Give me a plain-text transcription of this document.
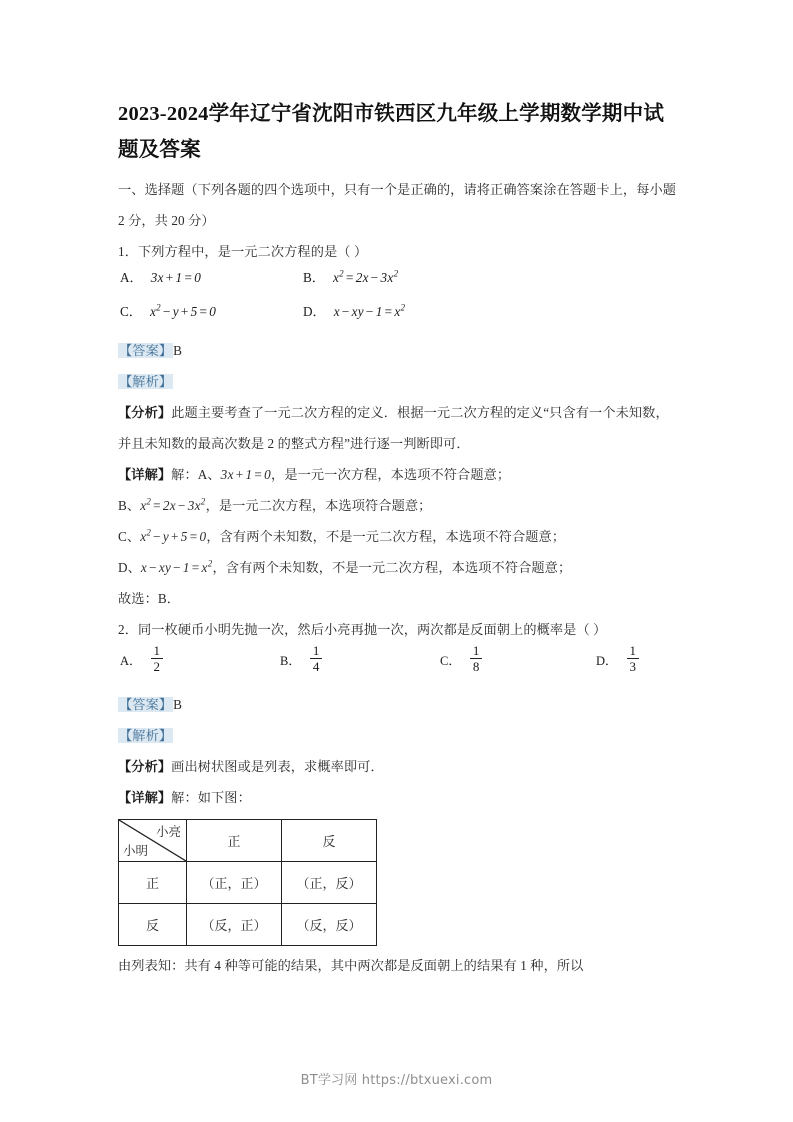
2023-2024学年辽宁省沈阳市铁西区九年级上学期数学期中试题及答案

一、选择题（下列各题的四个选项中，只有一个是正确的，请将正确答案涂在答题卡上，每小题 2 分，共 20 分）

1．下列方程中，是一元二次方程的是（ ）

A． 3x + 1 = 0	B． $x^2 = 2x - 3x^2$
C． $x^2 - y + 5 = 0$	D． x − xy − $1 = x^2$

【答案】B

【解析】

【分析】此题主要考查了一元二次方程的定义．根据一元二次方程的定义“只含有一个未知数，并且未知数的最高次数是 2 的整式方程”进行逐一判断即可．

【详解】解：A、3x + 1 = 0，是一元一次方程，本选项不符合题意；

B、$x^2 = 2x - 3x^2$，是一元二次方程，本选项符合题意；

C、$x^2 - y + 5 = 0$，含有两个未知数，不是一元二次方程，本选项不符合题意；

D、x − xy − $1 = x^2$，含有两个未知数，不是一元二次方程，本选项不符合题意；

故选：B．

2．同一枚硬币小明先抛一次，然后小亮再抛一次，两次都是反面朝上的概率是（ ）

A． $\frac{1}{2}$	B． $\frac{1}{4}$	C． $\frac{1}{8}$	D． $\frac{1}{3}$

【答案】B

【解析】

【分析】画出树状图或是列表，求概率即可．

【详解】解：如下图：

小亮
小明	正	反
正	（正，正）	（正，反）
反	（反，正）	（反，反）

由列表知：共有 4 种等可能的结果，其中两次都是反面朝上的结果有 1 种，所以

BT学习网 https://btxuexi.com
